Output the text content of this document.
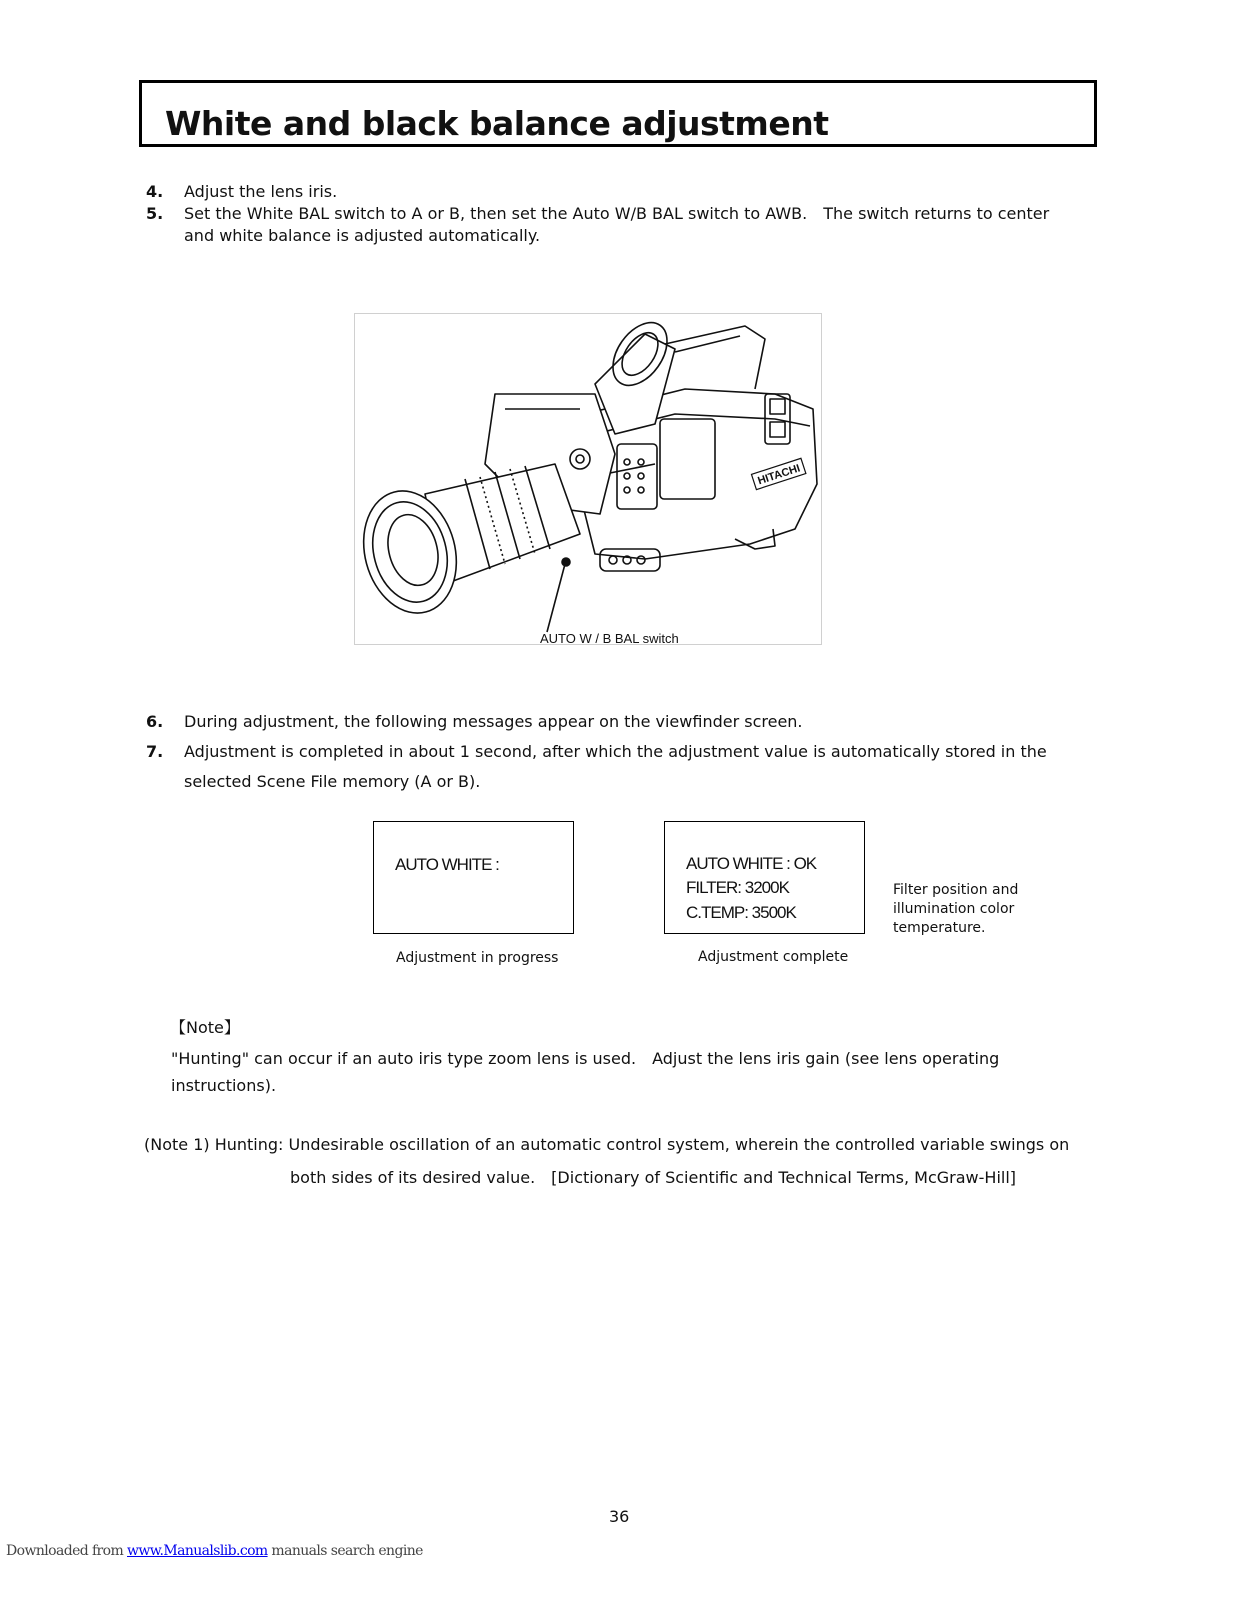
White and black balance adjustment
4. Adjust the lens iris.
5. Set the White BAL switch to A or B, then set the Auto W/B BAL switch to AWB.　The switch returns to center
and white balance is adjusted automatically.
HITACHI
AUTO W / B BAL switch
6. During adjustment, the following messages appear on the viewfinder screen.
7. Adjustment is completed in about 1 second, after which the adjustment value is automatically stored in the
selected Scene File memory (A or B).
AUTO WHITE :
Adjustment in progress
AUTO WHITE : OK
FILTER: 3200K
C.TEMP: 3500K
Adjustment complete
Filter position and
illumination color
temperature.
【Note】
"Hunting" can occur if an auto iris type zoom lens is used.　Adjust the lens iris gain (see lens operating
instructions).
(Note 1) Hunting: Undesirable oscillation of an automatic control system, wherein the controlled variable swings on
both sides of its desired value.　[Dictionary of Scientific and Technical Terms, McGraw-Hill]
36
Downloaded from www.Manualslib.com manuals search engine
